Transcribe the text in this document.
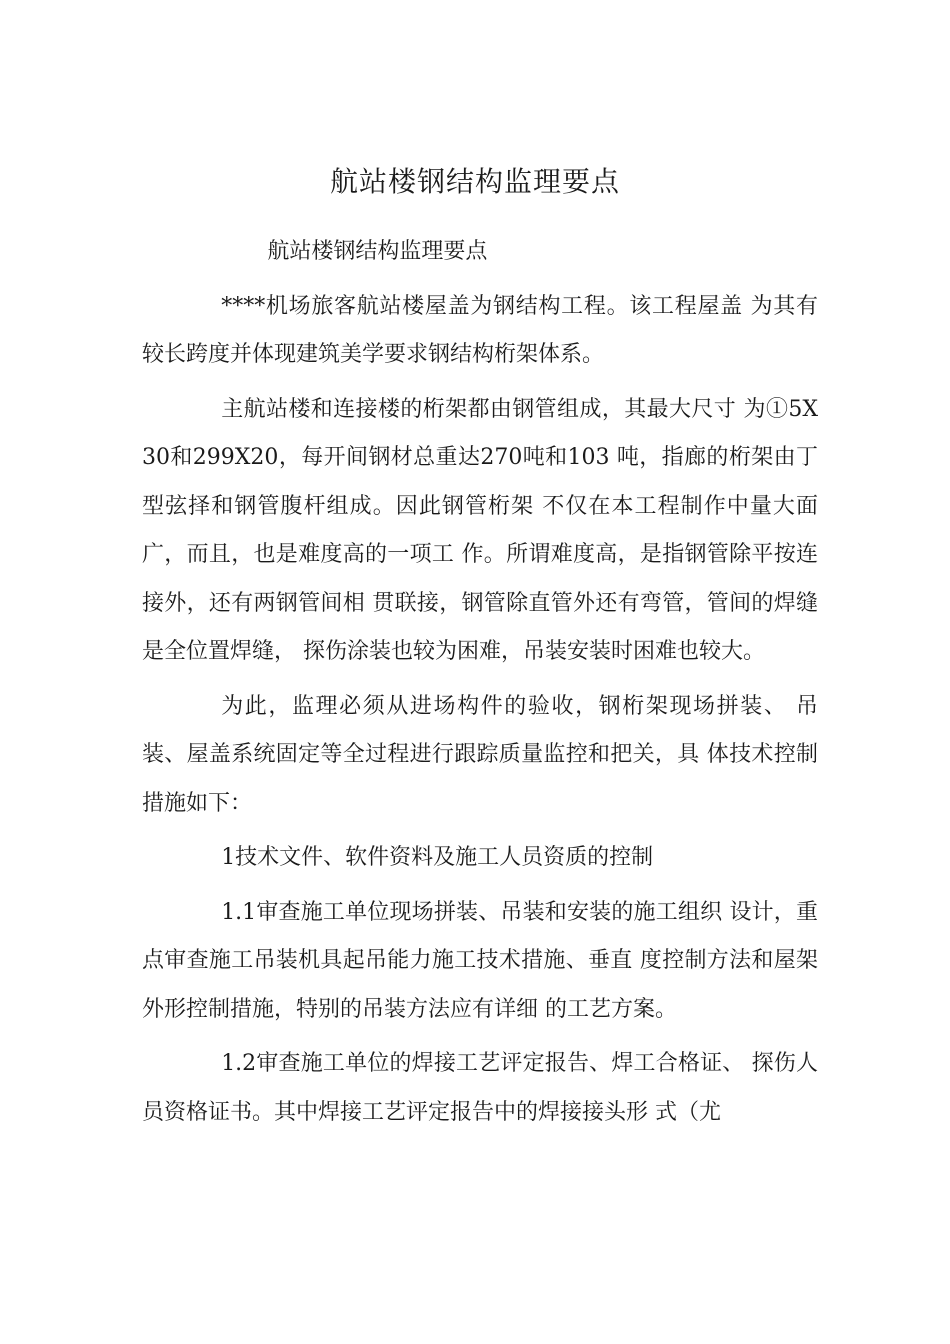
航站楼钢结构监理要点

航站楼钢结构监理要点

****机场旅客航站楼屋盖为钢结构工程。该工程屋盖 为其有较长跨度并体现建筑美学要求钢结构桁架体系。

主航站楼和连接楼的桁架都由钢管组成，其最大尺寸 为①5X30和299X20，每开间钢材总重达270吨和103 吨，指廊的桁架由丁型弦择和钢管腹杆组成。因此钢管桁架 不仅在本工程制作中量大面广，而且，也是难度高的一项工 作。所谓难度高，是指钢管除平按连接外，还有两钢管间相 贯联接，钢管除直管外还有弯管，管间的焊缝是全位置焊缝， 探伤涂装也较为困难，吊装安装时困难也较大。

为此，监理必须从进场构件的验收，钢桁架现场拼装、 吊装、屋盖系统固定等全过程进行跟踪质量监控和把关，具 体技术控制措施如下：

1技术文件、软件资料及施工人员资质的控制

1.1审查施工单位现场拼装、吊装和安装的施工组织 设计，重点审查施工吊装机具起吊能力施工技术措施、垂直 度控制方法和屋架外形控制措施，特别的吊装方法应有详细 的工艺方案。

1.2审查施工单位的焊接工艺评定报告、焊工合格证、 探伤人员资格证书。其中焊接工艺评定报告中的焊接接头形 式（尤
